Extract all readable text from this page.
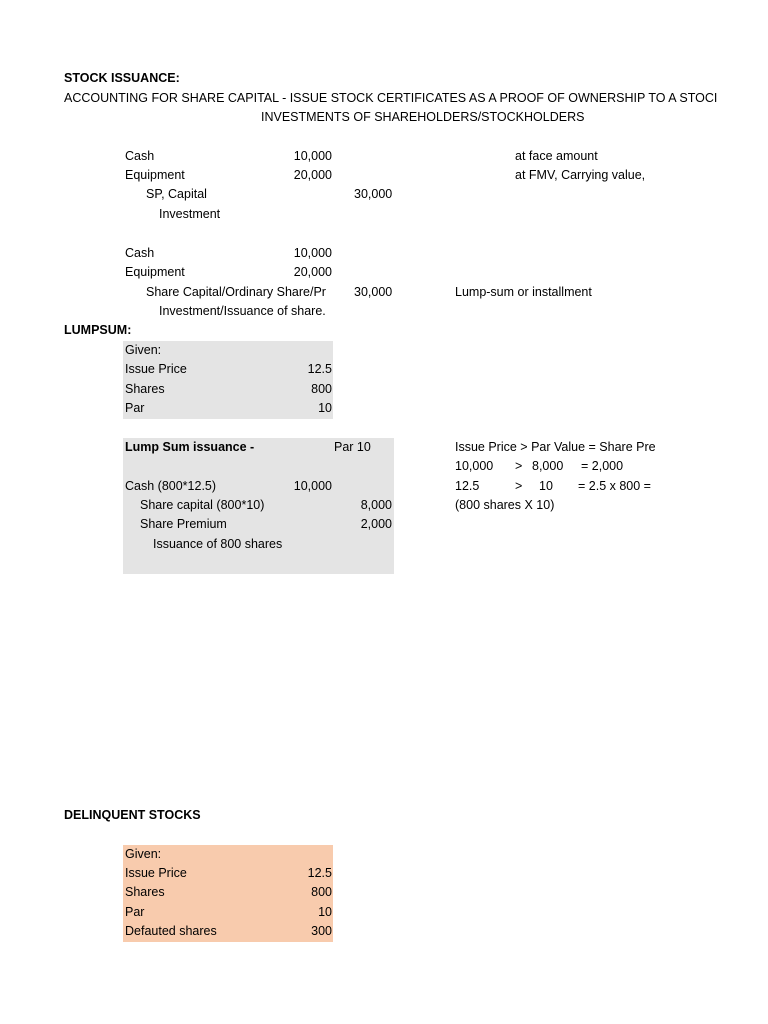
STOCK ISSUANCE:
ACCOUNTING FOR SHARE CAPITAL - ISSUE STOCK CERTIFICATES AS A PROOF OF OWNERSHIP TO A STOCI
INVESTMENTS OF SHAREHOLDERS/STOCKHOLDERS
Cash	10,000	at face amount
Equipment	20,000	at FMV, Carrying value,
SP, Capital	30,000
Investment
Cash	10,000
Equipment	20,000
Share Capital/Ordinary Share/Pr	30,000	Lump-sum or installment
Investment/Issuance of share.
LUMPSUM:
Given:
Issue Price	12.5
Shares	800
Par	10
Lump Sum issuance -	Par 10
Cash (800*12.5)	10,000
Share capital (800*10)	8,000
Share Premium	2,000
Issuance of 800 shares
Issue Price > Par Value = Share Pre
10,000 > 8,000 = 2,000
12.5	> 10 = 2.5 x 800 =
(800 shares X 10)
DELINQUENT STOCKS
Given:
Issue Price	12.5
Shares	800
Par	10
Defauted shares	300
